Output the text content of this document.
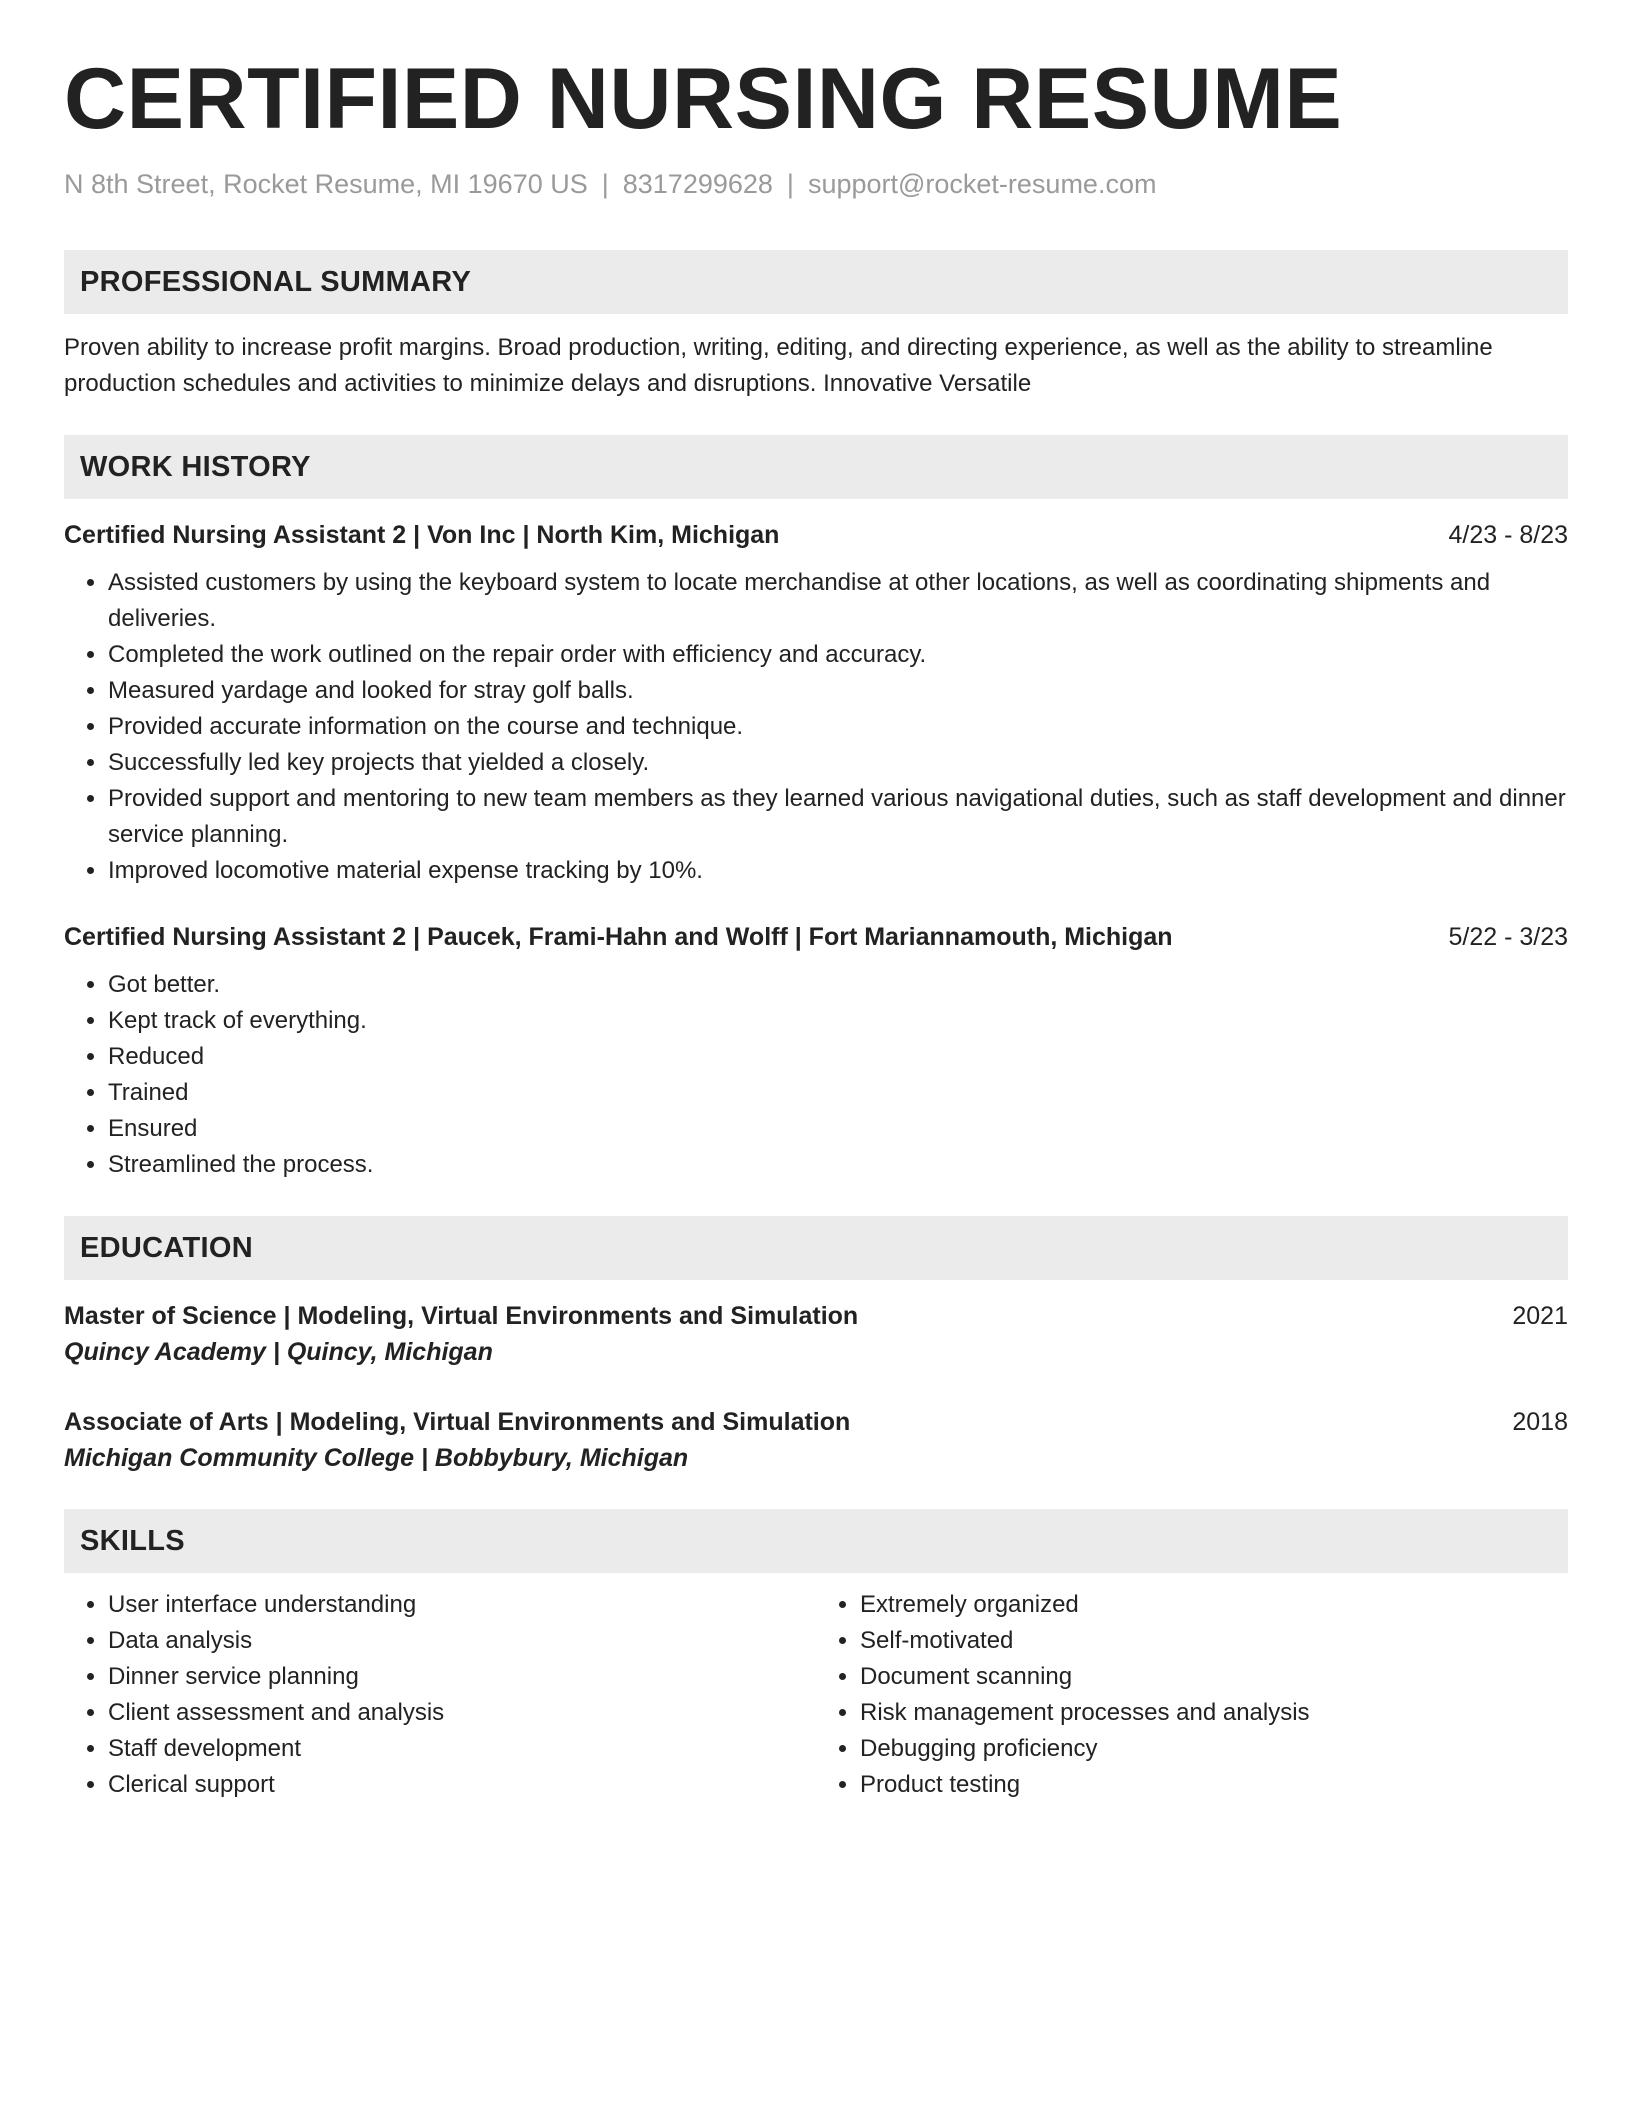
CERTIFIED NURSING RESUME
N 8th Street, Rocket Resume, MI 19670 US | 8317299628 | support@rocket-resume.com
PROFESSIONAL SUMMARY
Proven ability to increase profit margins. Broad production, writing, editing, and directing experience, as well as the ability to streamline production schedules and activities to minimize delays and disruptions. Innovative Versatile
WORK HISTORY
Certified Nursing Assistant 2 | Von Inc | North Kim, Michigan	4/23 - 8/23
• Assisted customers by using the keyboard system to locate merchandise at other locations, as well as coordinating shipments and deliveries.
• Completed the work outlined on the repair order with efficiency and accuracy.
• Measured yardage and looked for stray golf balls.
• Provided accurate information on the course and technique.
• Successfully led key projects that yielded a closely.
• Provided support and mentoring to new team members as they learned various navigational duties, such as staff development and dinner service planning.
• Improved locomotive material expense tracking by 10%.
Certified Nursing Assistant 2 | Paucek, Frami-Hahn and Wolff | Fort Mariannamouth, Michigan	5/22 - 3/23
• Got better.
• Kept track of everything.
• Reduced
• Trained
• Ensured
• Streamlined the process.
EDUCATION
Master of Science | Modeling, Virtual Environments and Simulation	2021
Quincy Academy | Quincy, Michigan
Associate of Arts | Modeling, Virtual Environments and Simulation	2018
Michigan Community College | Bobbybury, Michigan
SKILLS
• User interface understanding
• Data analysis
• Dinner service planning
• Client assessment and analysis
• Staff development
• Clerical support
• Extremely organized
• Self-motivated
• Document scanning
• Risk management processes and analysis
• Debugging proficiency
• Product testing
